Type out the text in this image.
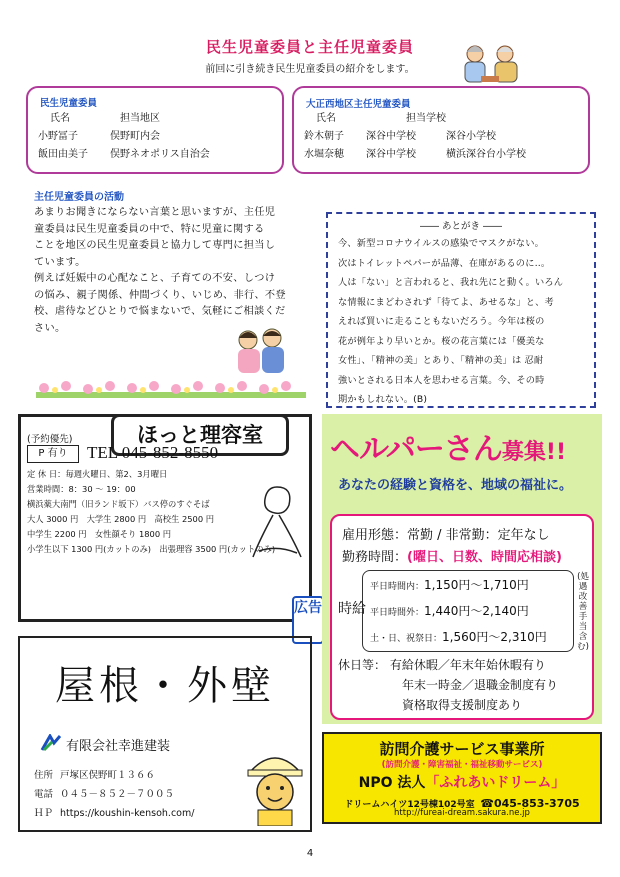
民生児童委員と主任児童委員
前回に引き続き民生児童委員の紹介をします。
民生児童委員
氏名	担当地区
小野冨子	俣野町内会
飯田由美子 俣野ネオポリス自治会
大正西地区主任児童委員
氏名	担当学校
鈴木朝子 深谷中学校	深谷小学校
水堀奈穂 深谷中学校	横浜深谷台小学校
主任児童委員の活動
あまりお聞きにならない言葉と思いますが、主任児
童委員は民生児童委員の中で、特に児童に関する
ことを地区の民生児童委員と協力して専門に担当し
ています。
例えば妊娠中の心配なこと、子育ての不安、しつけ
の悩み、親子関係、仲間づくり、いじめ、非行、不登
校、虐待などひとりで悩まないで、気軽にご相談くだ
さい。
―― あとがき ――
今、新型コロナウイルスの感染でマスクがない。
次はトイレットペパーが品薄、在庫があるのに‥。
人は「ない」と言われると、我れ先にと動く。いろん
な情報にまどわされず「待てよ、あせるな」と、考
えれば買いに走ることもないだろう。今年は桜の
花が例年より早いとか。桜の花言葉には「優美な
女性」、「精神の美」とあり、「精神の美」は 忍耐
強いとされる日本人を思わせる言葉。今、その時
期かもしれない。(B)
ほっと理容室
(予約優先)
P 有り	TEL 045-852-8550
定 休 日：毎週火曜日、第2、3月曜日
営業時間：8：30 ～ 19：00
横浜薬大南門（旧ランド坂下）バス停のすぐそば
大人 3000 円　大学生 2800 円　高校生 2500 円
中学生 2200 円　女性顔そり 1800 円
小学生以下 1300 円(カットのみ)　出張理容 3500 円(カットのみ)
広告
ヘルパーさん募集!!
あなたの経験と資格を、地域の福祉に。
雇用形態：常勤 / 非常勤：定年なし
勤務時間：(曜日、日数、時間応相談)
時給
平日時間内：1,150円～1,710円
平日時間外：1,440円～2,140円
土・日、祝祭日：1,560円～2,310円
(処遇改善手当含む)
休日等： 有給休暇／年末年始休暇有り
年末一時金／退職金制度有り
資格取得支援制度あり
屋根・外壁
有限会社幸進建装
住所 戸塚区俣野町１３６６
電話 ０４５－８５２－７００５
ＨＰ https://koushin-kensoh.com/
訪問介護サービス事業所
(訪問介護・障害福祉・福祉移動サービス)
NPO 法人「ふれあいドリーム」
ドリームハイツ12号棟102号室 ☎045-853-3705
http://fureai-dream.sakura.ne.jp
4
